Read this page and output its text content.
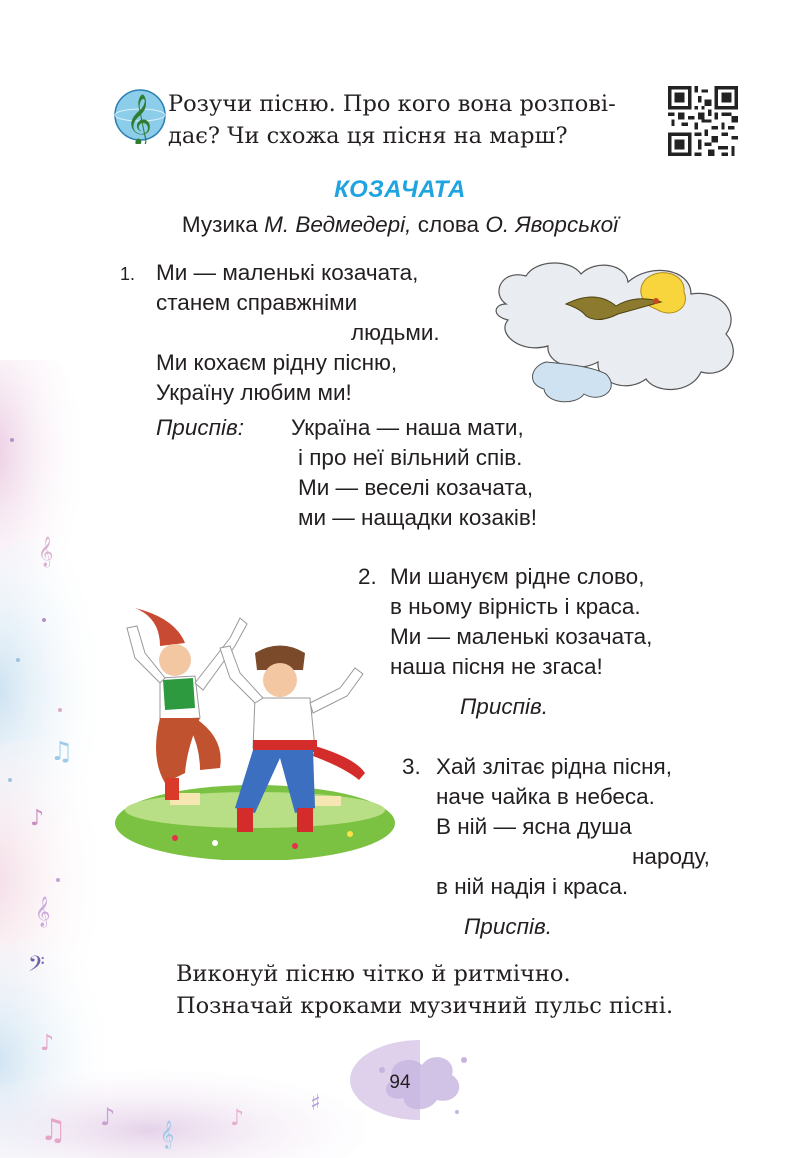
𝄞
♫
♪
𝄞
𝄢
♪
♫ ♪
𝄞
♪
♯
𝄞 Розучи пісню. Про кого вона розпові-
дає? Чи схожа ця пісня на марш?
КОЗАЧАТА
Музика М. Ведмедері, слова О. Яворської
1. Ми — маленькі козачата,
станем справжніми
людьми.
Ми кохаєм рідну пісню,
Україну любим ми!
Приспів: Україна — наша мати,
і про неї вільний спів.
Ми — веселі козачата,
ми — нащадки козаків!
2. Ми шануєм рідне слово,
в ньому вірність і краса.
Ми — маленькі козачата,
наша пісня не згаса!
Приспів.
3. Хай злітає рідна пісня,
наче чайка в небеса.
В ній — ясна душа
народу,
в ній надія і краса.
Приспів.
Виконуй пісню чітко й ритмічно.
Позначай кроками музичний пульс пісні.
94
